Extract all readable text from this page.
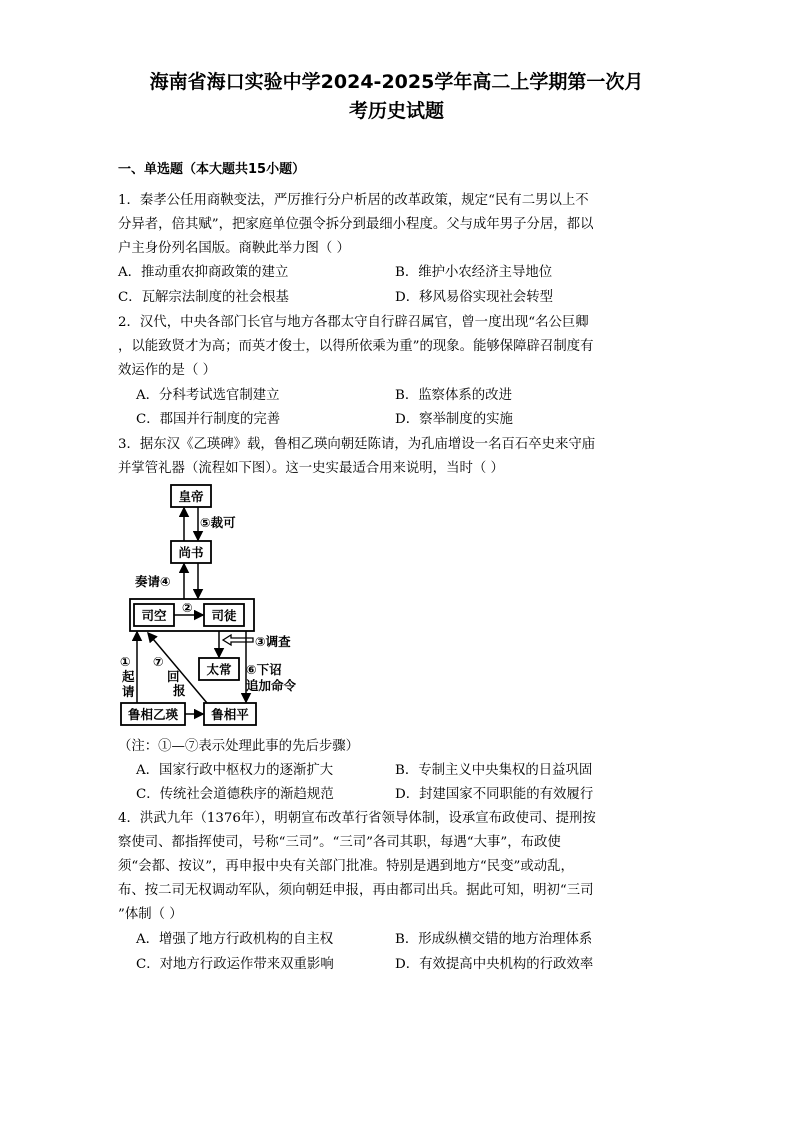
海南省海口实验中学2024-2025学年高二上学期第一次月
考历史试题
一、单选题（本大题共15小题）
1．秦孝公任用商鞅变法，严厉推行分户析居的改革政策，规定“民有二男以上不
分异者，倍其赋”，把家庭单位强令拆分到最细小程度。父与成年男子分居，都以
户主身份列名国版。商鞅此举力图（ ）
A．推动重农抑商政策的建立	B．维护小农经济主导地位
C．瓦解宗法制度的社会根基	D．移风易俗实现社会转型
2．汉代，中央各部门长官与地方各郡太守自行辟召属官，曾一度出现“名公巨卿
，以能致贤才为高；而英才俊士，以得所依乘为重”的现象。能够保障辟召制度有
效运作的是（ ）
A．分科考试选官制建立	B．监察体系的改进
C．郡国并行制度的完善	D．察举制度的实施
3．据东汉《乙瑛碑》载，鲁相乙瑛向朝廷陈请，为孔庙增设一名百石卒史来守庙
并掌管礼器（流程如下图）。这一史实最适合用来说明，当时（ ）
皇帝
尚书
司空	司徒
太常
鲁相乙瑛	鲁相平
⑤裁可
奏请④
②
③调查
①
起
请
⑦
回
报
⑥下诏
追加命令
（注：①—⑦表示处理此事的先后步骤）
A．国家行政中枢权力的逐渐扩大	B．专制主义中央集权的日益巩固
C．传统社会道德秩序的渐趋规范	D．封建国家不同职能的有效履行
4．洪武九年（1376年），明朝宣布改革行省领导体制，设承宣布政使司、提刑按
察使司、都指挥使司，号称“三司”。“三司”各司其职，每遇“大事”，布政使
须“会都、按议”，再申报中央有关部门批准。特别是遇到地方“民变”或动乱，
布、按二司无权调动军队，须向朝廷申报，再由都司出兵。据此可知，明初“三司
”体制（ ）
A．增强了地方行政机构的自主权	B．形成纵横交错的地方治理体系
C．对地方行政运作带来双重影响	D．有效提高中央机构的行政效率
